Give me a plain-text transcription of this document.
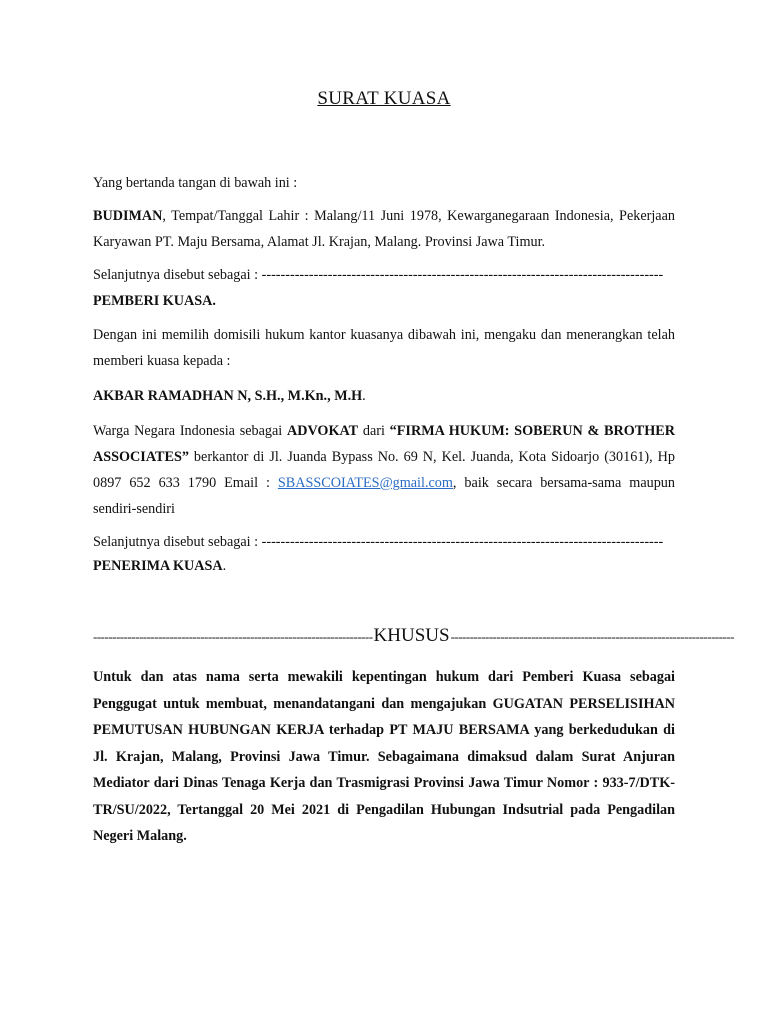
SURAT KUASA
Yang bertanda tangan di bawah ini :
BUDIMAN, Tempat/Tanggal Lahir : Malang/11 Juni 1978, Kewarganegaraan Indonesia, Pekerjaan Karyawan PT. Maju Bersama, Alamat Jl. Krajan, Malang. Provinsi Jawa Timur.
Selanjutnya disebut sebagai : -------------------------------------------------------------------------------------
PEMBERI KUASA.
Dengan ini memilih domisili hukum kantor kuasanya dibawah ini, mengaku dan menerangkan telah memberi kuasa kepada :
AKBAR RAMADHAN N, S.H., M.Kn., M.H.
Warga Negara Indonesia sebagai ADVOKAT dari “FIRMA HUKUM: SOBERUN & BROTHER ASSOCIATES” berkantor di Jl. Juanda Bypass No. 69 N, Kel. Juanda, Kota Sidoarjo (30161), Hp 0897 652 633 1790 Email : SBASSCOIATES@gmail.com, baik secara bersama-sama maupun sendiri-sendiri
Selanjutnya disebut sebagai : -------------------------------------------------------------------------------------
PENERIMA KUASA.
------------------------------------------------------------------------- KHUSUS --------------------------------------------------------------------------
Untuk dan atas nama serta mewakili kepentingan hukum dari Pemberi Kuasa sebagai Penggugat untuk membuat, menandatangani dan mengajukan GUGATAN PERSELISIHAN PEMUTUSAN HUBUNGAN KERJA terhadap PT MAJU BERSAMA yang berkedudukan di Jl. Krajan, Malang, Provinsi Jawa Timur. Sebagaimana dimaksud dalam Surat Anjuran Mediator dari Dinas Tenaga Kerja dan Trasmigrasi Provinsi Jawa Timur Nomor : 933-7/DTK-TR/SU/2022, Tertanggal 20 Mei 2021 di Pengadilan Hubungan Indsutrial pada Pengadilan Negeri Malang.
